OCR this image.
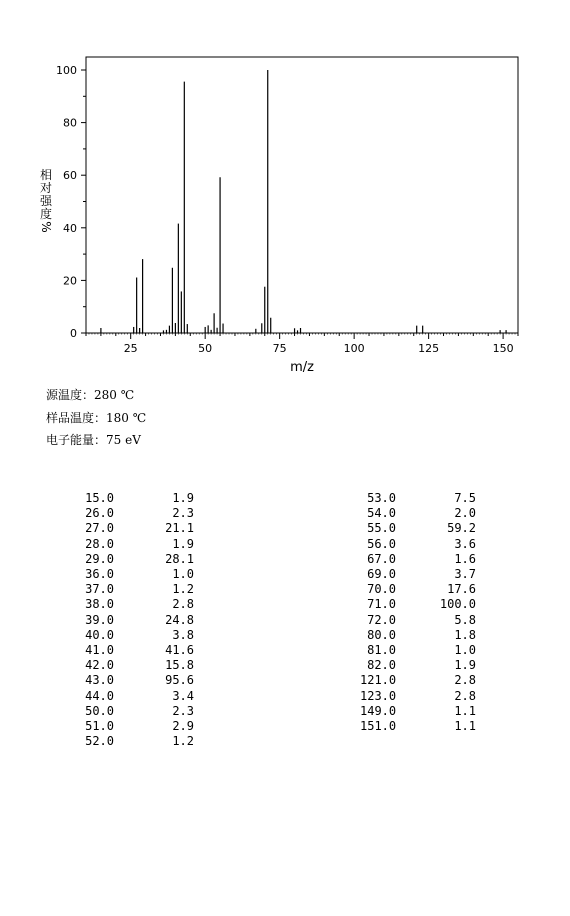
0
20
40
60
80
100
25	50	75	100	125	150
m/z
相
对
强
度
%
源温度：280 ℃
样品温度：180 ℃
电子能量：75 eV
15.0	1.9
26.0	2.3
27.0	21.1
28.0	1.9
29.0	28.1
36.0	1.0
37.0	1.2
38.0	2.8
39.0	24.8
40.0	3.8
41.0	41.6
42.0	15.8
43.0	95.6
44.0	3.4
50.0	2.3
51.0	2.9
52.0	1.2
53.0	7.5
54.0	2.0
55.0	59.2
56.0	3.6
67.0	1.6
69.0	3.7
70.0	17.6
71.0	100.0
72.0	5.8
80.0	1.8
81.0	1.0
82.0	1.9
121.0	2.8
123.0	2.8
149.0	1.1
151.0	1.1
